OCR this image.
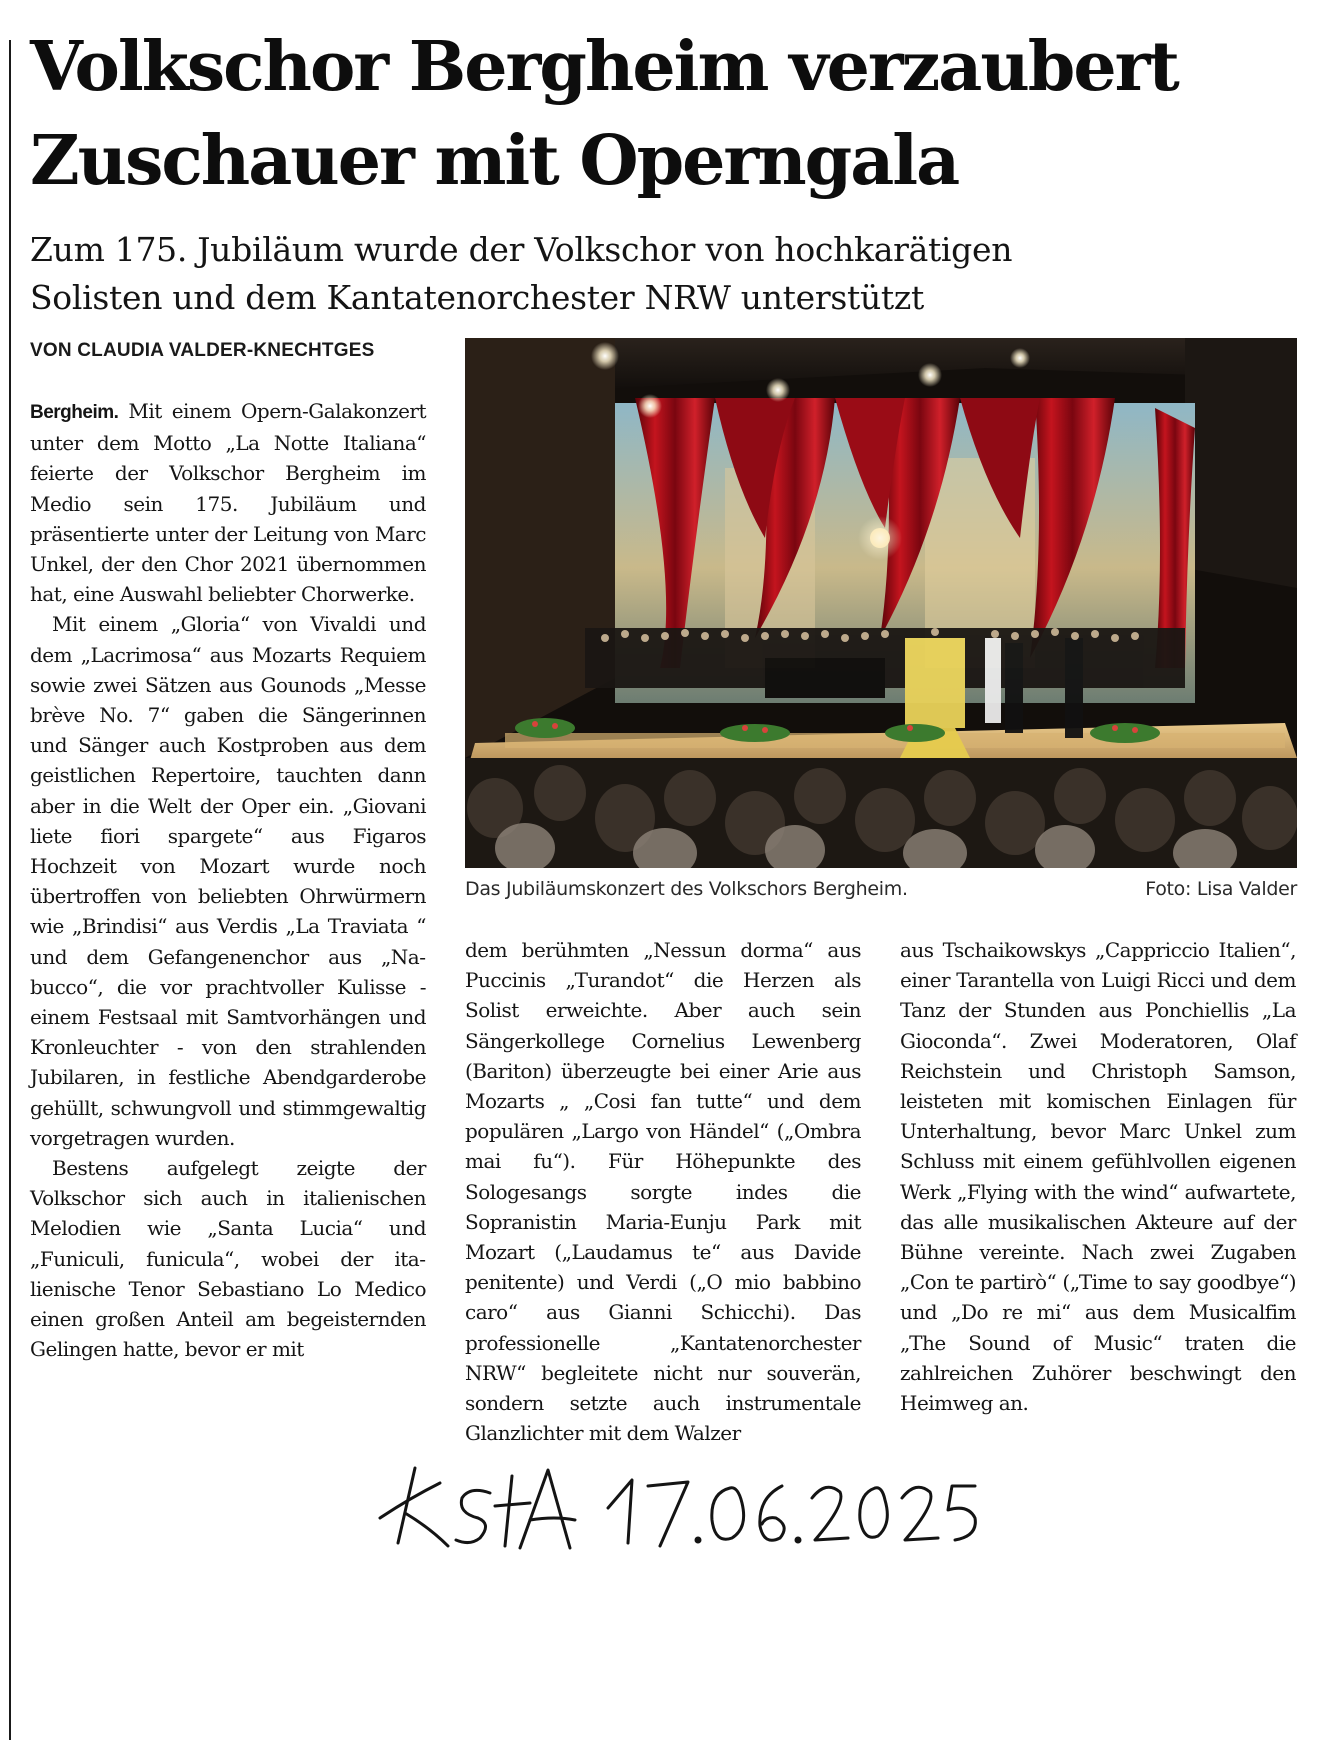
Volkschor Bergheim verzaubert
Zuschauer mit Operngala
Zum 175. Jubiläum wurde der Volkschor von hochkarätigen
Solisten und dem Kantatenorchester NRW unterstützt
VON CLAUDIA VALDER-KNECHTGES

Bergheim. Mit einem Opern-Galakonzert unter dem Motto „La Notte Italiana“ feierte der Volkschor Bergheim im Medio sein 175. Jubiläum und präsentierte unter der Leitung von Marc Unkel, der den Chor 2021 übernommen hat, eine Auswahl beliebter Chorwerke.

Mit einem „Gloria“ von Vivaldi und dem „Lacrimosa“ aus Mozarts Requiem sowie zwei Sätzen aus Gounods „Messe brève No. 7“ gaben die Sängerinnen und Sänger auch Kostproben aus dem geistlichen Repertoire, tauchten dann aber in die Welt der Oper ein. „Giovani liete fiori spargete“ aus Figaros Hochzeit von Mozart wurde noch übertroffen von beliebten Ohrwürmern wie „Brindisi“ aus Verdis „La Traviata “ und dem Gefangenenchor aus „Nabucco“, die vor prachtvoller Kulisse - einem Festsaal mit Samtvorhängen und Kronleuchter - von den strahlenden Jubilaren, in festliche Abendgarderobe gehüllt, schwungvoll und stimmgewaltig vorgetragen wurden.

Bestens aufgelegt zeigte der Volkschor sich auch in italienischen Melodien wie „Santa Lucia“ und „Funiculi, funicula“, wobei der italienische Tenor Sebastiano Lo Medico einen großen Anteil am begeisternden Gelingen hatte, bevor er mit

Das Jubiläumskonzert des Volkschors Bergheim.	Foto: Lisa Valder

dem berühmten „Nessun dorma“ aus Puccinis „Turandot“ die Herzen als Solist erweichte. Aber auch sein Sängerkollege Cornelius Lewenberg (Bariton) überzeugte bei einer Arie aus Mozarts „ „Cosi fan tutte“ und dem populären „Largo von Händel“ („Ombra mai fu“). Für Höhepunkte des Sologesangs sorgte indes die Sopranistin Maria-Eunju Park mit Mozart („Laudamus te“ aus Davide penitente) und Verdi („O mio babbino caro“ aus Gianni Schicchi). Das professionelle „Kantatenorchester NRW“ begleitete nicht nur souverän, sondern setzte auch instrumentale Glanzlichter mit dem Walzer

aus Tschaikowskys „Cappriccio Italien“, einer Tarantella von Luigi Ricci und dem Tanz der Stunden aus Ponchiellis „La Gioconda“. Zwei Moderatoren, Olaf Reichstein und Christoph Samson, leisteten mit komischen Einlagen für Unterhaltung, bevor Marc Unkel zum Schluss mit einem gefühlvollen eigenen Werk „Flying with the wind“ aufwartete, das alle musikalischen Akteure auf der Bühne vereinte. Nach zwei Zugaben „Con te partirò“ („Time to say goodbye“) und „Do re mi“ aus dem Musicalfim „The Sound of Music“ traten die zahlreichen Zuhörer beschwingt den Heimweg an.
